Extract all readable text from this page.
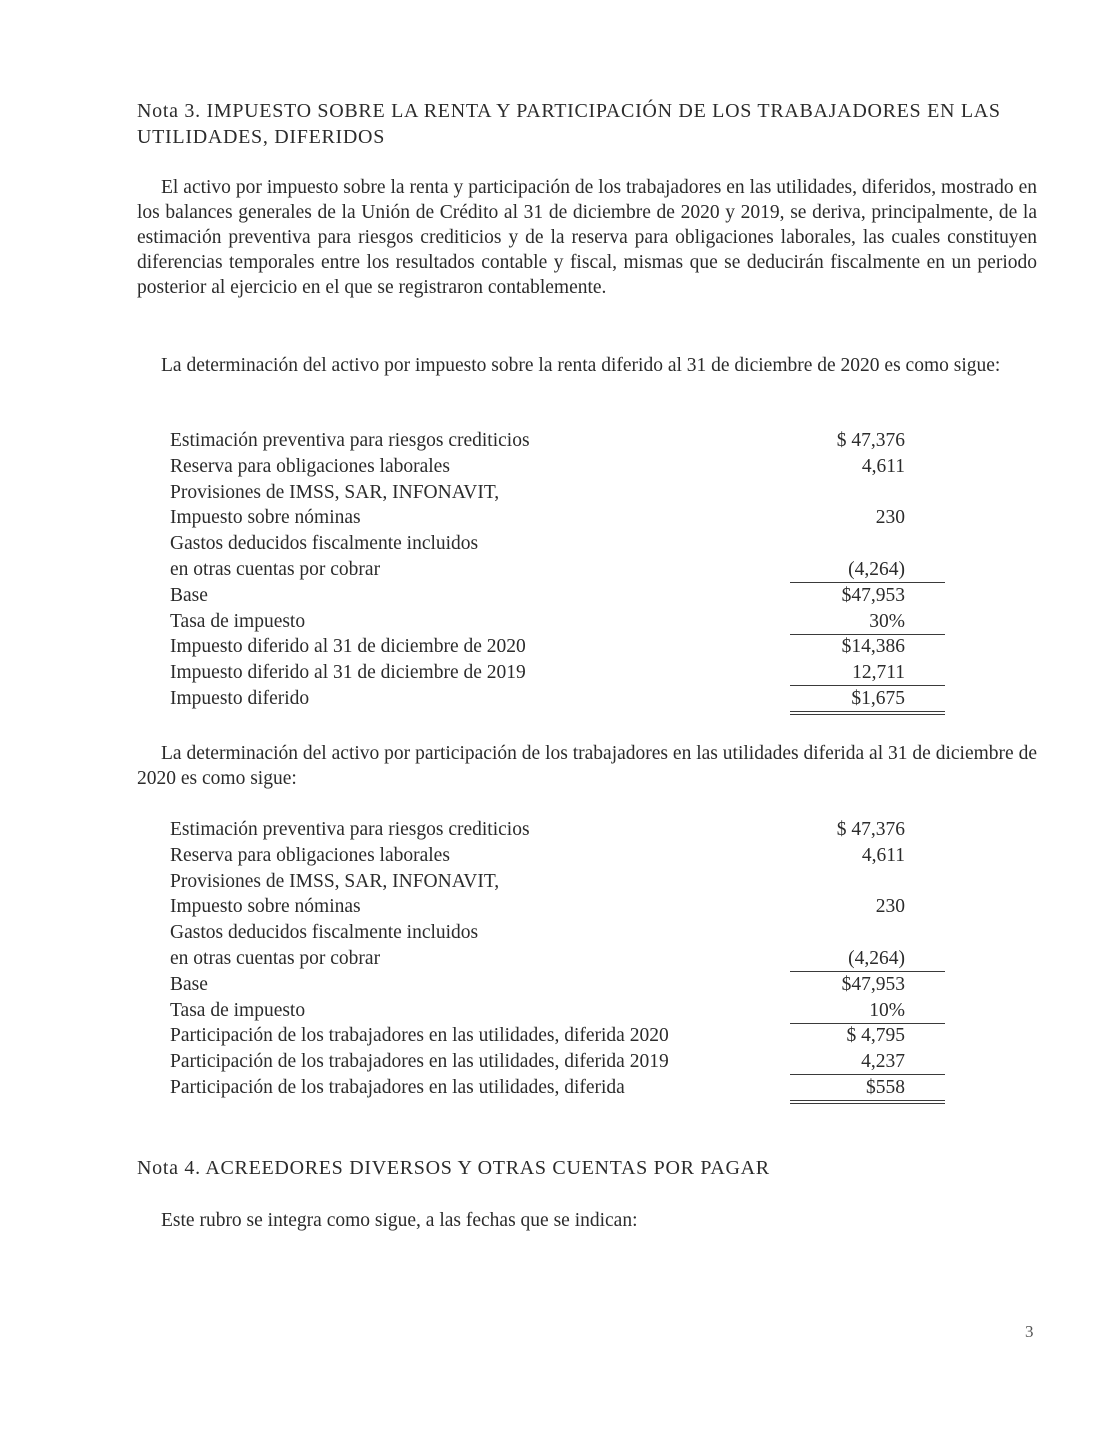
Nota 3. IMPUESTO SOBRE LA RENTA Y PARTICIPACIÓN DE LOS TRABAJADORES EN LAS UTILIDADES, DIFERIDOS

El activo por impuesto sobre la renta y participación de los trabajadores en las utilidades, diferidos, mostrado en los balances generales de la Unión de Crédito al 31 de diciembre de 2020 y 2019, se deriva, principalmente, de la estimación preventiva para riesgos crediticios y de la reserva para obligaciones laborales, las cuales constituyen diferencias temporales entre los resultados contable y fiscal, mismas que se deducirán fiscalmente en un periodo posterior al ejercicio en el que se registraron contablemente.

La determinación del activo por impuesto sobre la renta diferido al 31 de diciembre de 2020 es como sigue:

Estimación preventiva para riesgos crediticios	$ 47,376
Reserva para obligaciones laborales	4,611
Provisiones de IMSS, SAR, INFONAVIT,
Impuesto sobre nóminas	230
Gastos deducidos fiscalmente incluidos
en otras cuentas por cobrar	(4,264)
Base	$47,953
Tasa de impuesto	30%
Impuesto diferido al 31 de diciembre de 2020	$14,386
Impuesto diferido al 31 de diciembre de 2019	12,711
Impuesto diferido	$1,675

La determinación del activo por participación de los trabajadores en las utilidades diferida al 31 de diciembre de 2020 es como sigue:

Estimación preventiva para riesgos crediticios	$ 47,376
Reserva para obligaciones laborales	4,611
Provisiones de IMSS, SAR, INFONAVIT,
Impuesto sobre nóminas	230
Gastos deducidos fiscalmente incluidos
en otras cuentas por cobrar	(4,264)
Base	$47,953
Tasa de impuesto	10%
Participación de los trabajadores en las utilidades, diferida 2020	$ 4,795
Participación de los trabajadores en las utilidades, diferida 2019	4,237
Participación de los trabajadores en las utilidades, diferida	$558
Nota 4. ACREEDORES DIVERSOS Y OTRAS CUENTAS POR PAGAR

Este rubro se integra como sigue, a las fechas que se indican:

3
